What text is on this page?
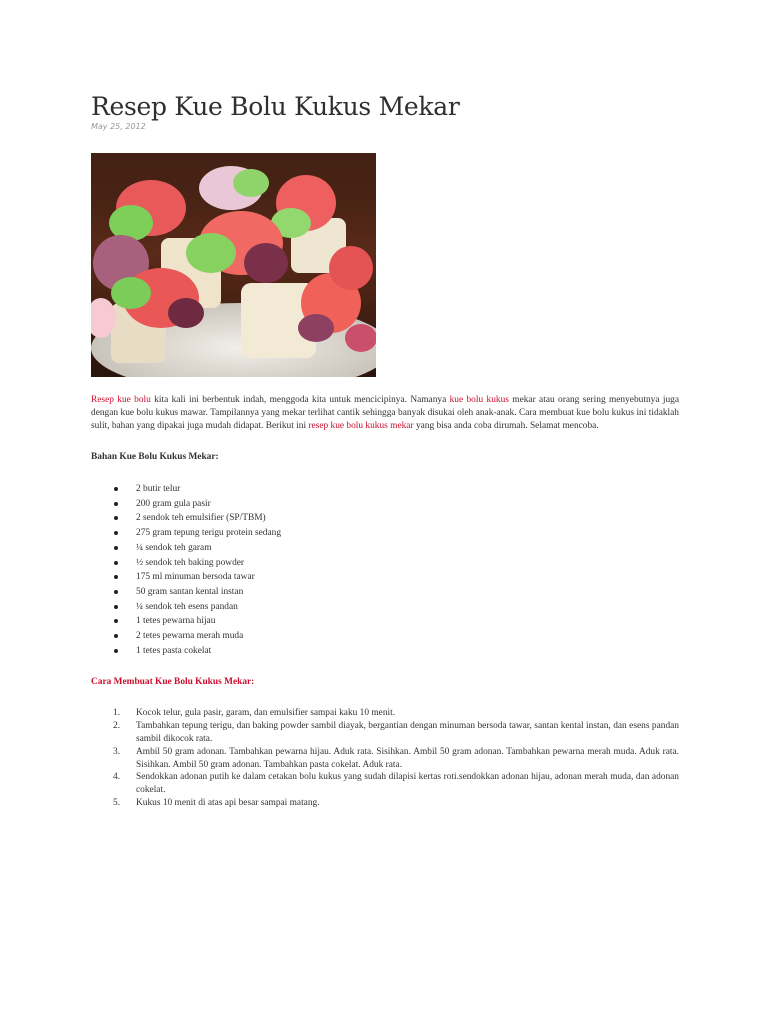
Resep Kue Bolu Kukus Mekar
May 25, 2012
Resep kue bolu kita kali ini berbentuk indah, menggoda kita untuk mencicipinya. Namanya kue bolu kukus mekar atau orang sering menyebutnya juga dengan kue bolu kukus mawar. Tampilannya yang mekar terlihat cantik sehingga banyak disukai oleh anak-anak. Cara membuat kue bolu kukus ini tidaklah sulit, bahan yang dipakai juga mudah didapat. Berikut ini resep kue bolu kukus mekar yang bisa anda coba dirumah. Selamat mencoba.
Bahan Kue Bolu Kukus Mekar:
2 butir telur
200 gram gula pasir
2 sendok teh emulsifier (SP/TBM)
275 gram tepung terigu protein sedang
¼ sendok teh garam
½ sendok teh baking powder
175 ml minuman bersoda tawar
50 gram santan kental instan
¼ sendok teh esens pandan
1 tetes pewarna hijau
2 tetes pewarna merah muda
1 tetes pasta cokelat
Cara Membuat Kue Bolu Kukus Mekar:
1. Kocok telur, gula pasir, garam, dan emulsifier sampai kaku 10 menit.
2. Tambahkan tepung terigu, dan baking powder sambil diayak, bergantian dengan minuman bersoda tawar, santan kental instan, dan esens pandan sambil dikocok rata.
3. Ambil 50 gram adonan. Tambahkan pewarna hijau. Aduk rata. Sisihkan. Ambil 50 gram adonan. Tambahkan pewarna merah muda. Aduk rata. Sisihkan. Ambil 50 gram adonan. Tambahkan pasta cokelat. Aduk rata.
4. Sendokkan adonan putih ke dalam cetakan bolu kukus yang sudah dilapisi kertas roti.sendokkan adonan hijau, adonan merah muda, dan adonan cokelat.
5. Kukus 10 menit di atas api besar sampai matang.
